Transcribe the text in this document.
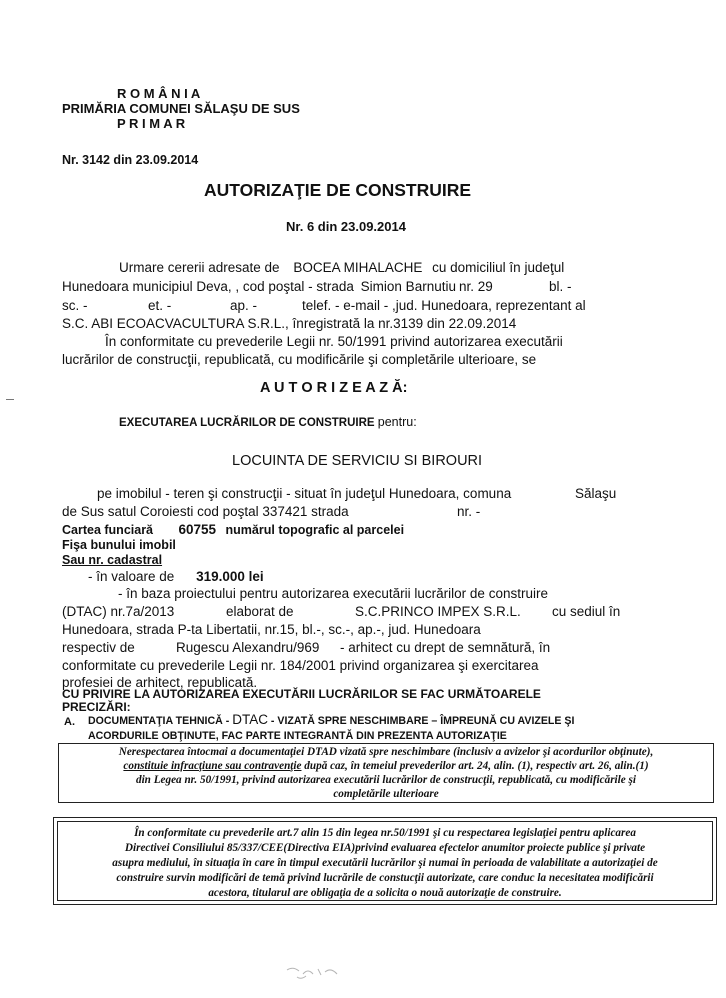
R O M Â N I A
PRIMĂRIA COMUNEI SĂLAŞU DE SUS
P R I M A R
Nr. 3142 din 23.09.2014
AUTORIZAŢIE DE CONSTRUIRE
Nr. 6 din 23.09.2014
Urmare cererii adresate de BOCEA MIHALACHE cu domiciliul în judeţul
Hunedoara municipiul Deva, , cod poştal - strada Simion Barnutiu nr. 29	bl. -
sc. -	et. -	ap. -	telef. - e-mail - ,jud. Hunedoara, reprezentant al
S.C. ABI ECOACVACULTURA S.R.L., înregistrată la nr.3139 din 22.09.2014
În conformitate cu prevederile Legii nr. 50/1991 privind autorizarea executării
lucrărilor de construcţii, republicată, cu modificările şi completările ulterioare, se
A U T O R I Z E A Z Ă:
EXECUTAREA LUCRĂRILOR DE CONSTRUIRE pentru:
LOCUINTA DE SERVICIU SI BIROURI
pe imobilul - teren şi construcţii - situat în judeţul Hunedoara, comuna	Sălaşu
de Sus satul Coroiesti cod poştal 337421 strada	nr. -
Cartea funciară 60755 numărul topografic al parcelei
Fişa bunului imobil
Sau nr. cadastral
- în valoare de 319.000 lei
- în baza proiectului pentru autorizarea executării lucrărilor de construire
(DTAC) nr.7a/2013	elaborat de	S.C.PRINCO IMPEX S.R.L. cu sediul în
Hunedoara, strada P-ta Libertatii, nr.15, bl.-, sc.-, ap.-, jud. Hunedoara
respectiv de	Rugescu Alexandru/969 - arhitect cu drept de semnătură, în
conformitate cu prevederile Legii nr. 184/2001 privind organizarea şi exercitarea
profesiei de arhitect, republicată.
CU PRIVIRE LA AUTORIZAREA EXECUTĂRII LUCRĂRILOR SE FAC URMĂTOARELE
PRECIZĂRI:
A. DOCUMENTAŢIA TEHNICĂ - DTAC - VIZATĂ SPRE NESCHIMBARE – ÎMPREUNĂ CU AVIZELE ŞI
ACORDURILE OBŢINUTE, FAC PARTE INTEGRANTĂ DIN PREZENTA AUTORIZAŢIE
Nerespectarea întocmai a documentaţiei DTAD vizată spre neschimbare (inclusiv a avizelor şi acordurilor obţinute),
constituie infracţiune sau contravenţie după caz, în temeiul prevederilor art. 24, alin. (1), respectiv art. 26, alin.(1)
din Legea nr. 50/1991, privind autorizarea executării lucrărilor de construcţii, republicată, cu modificările şi
completările ulterioare
În conformitate cu prevederile art.7 alin 15 din legea nr.50/1991 şi cu respectarea legislaţiei pentru aplicarea
Directivei Consiliului 85/337/CEE(Directiva EIA)privind evaluarea efectelor anumitor proiecte publice şi private
asupra mediului, în situaţia în care în timpul executării lucrărilor şi numai în perioada de valabilitate a autorizaţiei de
construire survin modificări de temă privind lucrările de constucţii autorizate, care conduc la necesitatea modificării
acestora, titularul are obligaţia de a solicita o nouă autorizaţie de construire.
